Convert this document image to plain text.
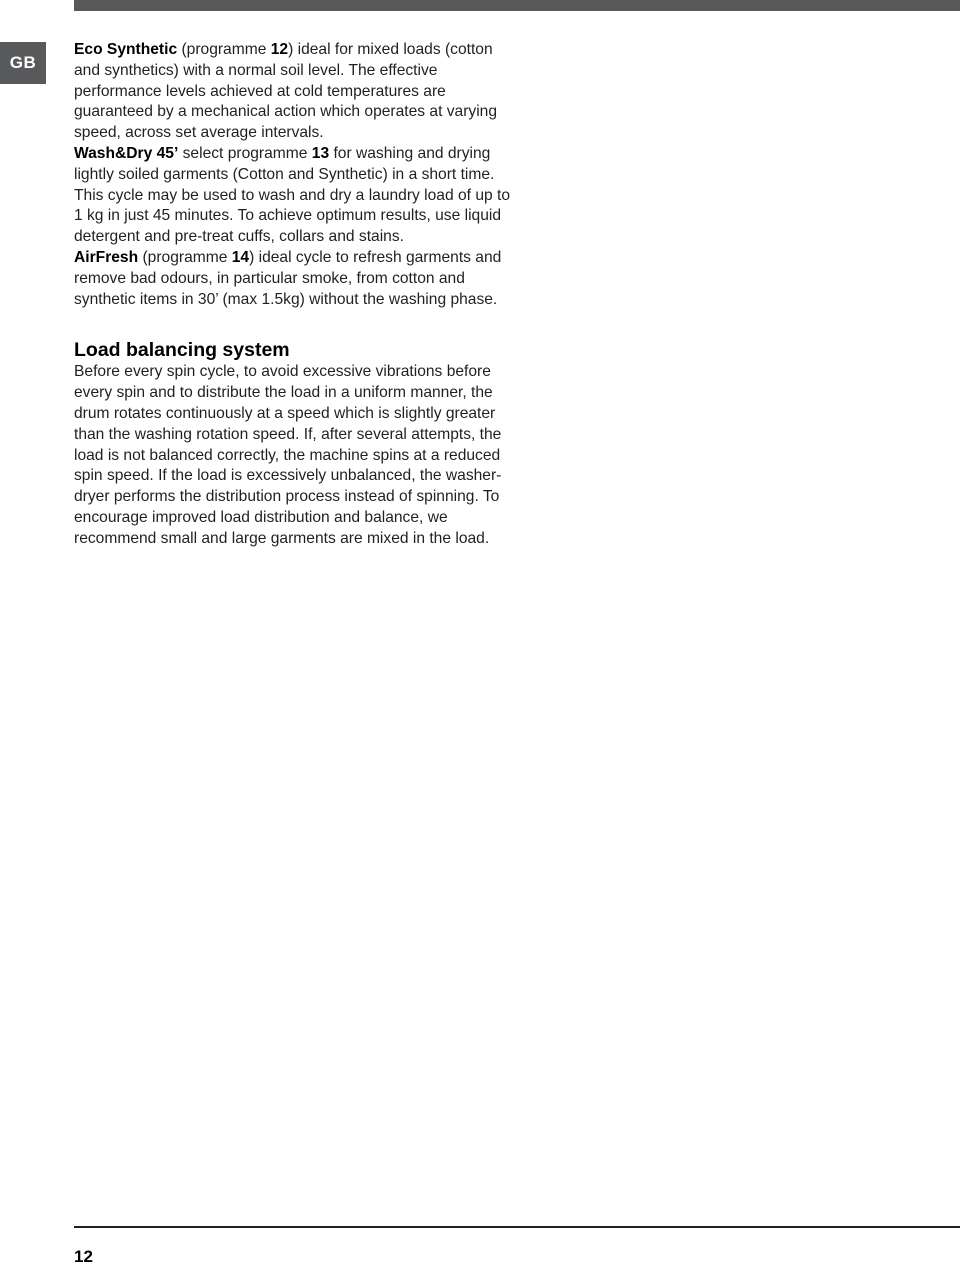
GB

Eco Synthetic (programme 12) ideal for mixed loads (cotton and synthetics) with a normal soil level. The effective performance levels achieved at cold temperatures are guaranteed by a mechanical action which operates at varying speed, across set average intervals.

Wash&Dry 45’ select programme 13 for washing and drying lightly soiled garments (Cotton and Synthetic) in a short time. This cycle may be used to wash and dry a laundry load of up to 1 kg in just 45 minutes. To achieve optimum results, use liquid detergent and pre-treat cuffs, collars and stains.

AirFresh (programme 14) ideal cycle to refresh garments and remove bad odours, in particular smoke, from cotton and synthetic items in 30’ (max 1.5kg) without the washing phase.

Load balancing system

Before every spin cycle, to avoid excessive vibrations before every spin and to distribute the load in a uniform manner, the drum rotates continuously at a speed which is slightly greater than the washing rotation speed. If, after several attempts, the load is not balanced correctly, the machine spins at a reduced spin speed. If the load is excessively unbalanced, the washer-dryer performs the distribution process instead of spinning. To encourage improved load distribution and balance, we recommend small and large garments are mixed in the load.

12
